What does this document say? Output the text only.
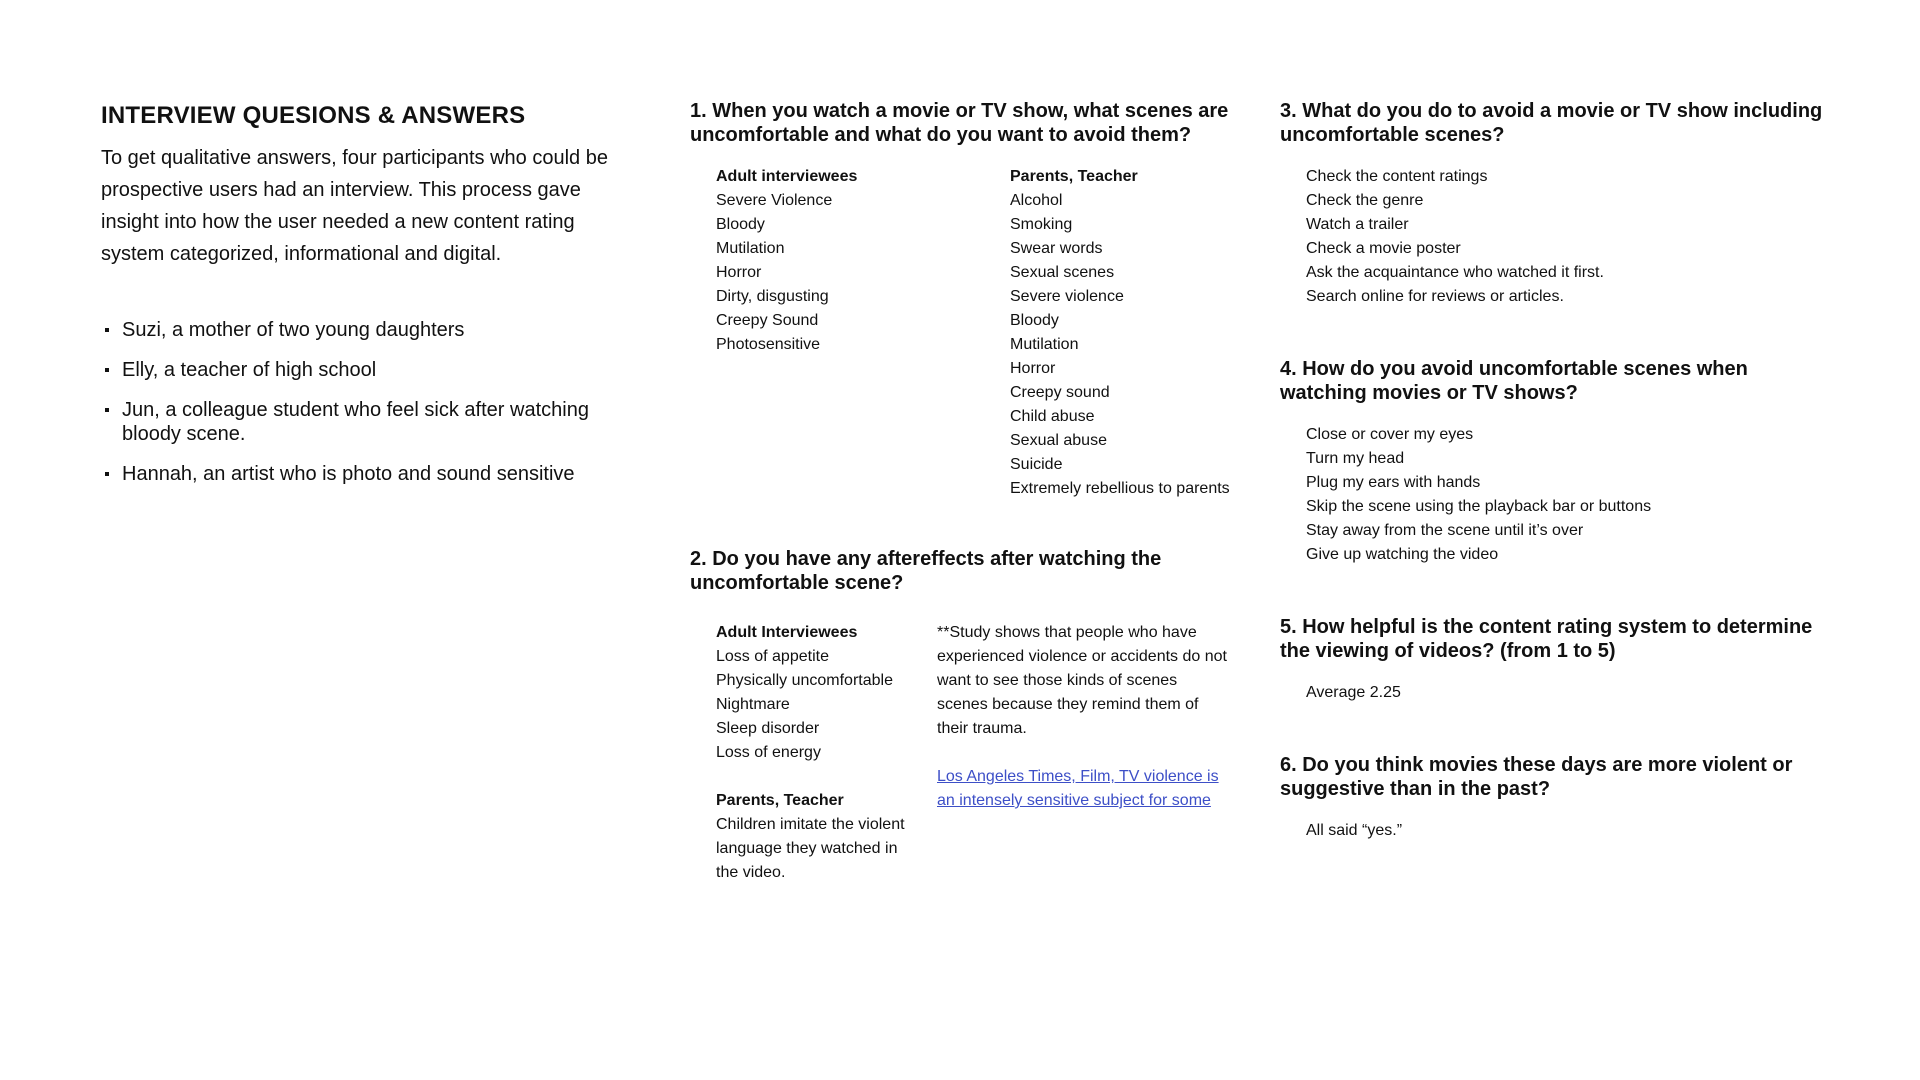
INTERVIEW QUESIONS & ANSWERS

To get qualitative answers, four participants who could be prospective users had an interview. This process gave insight into how the user needed a new content rating system categorized, informational and digital.

Suzi, a mother of two young daughters
Elly, a teacher of high school
Jun, a colleague student who feel sick after watching bloody scene.
Hannah, an artist who is photo and sound sensitive
1. When you watch a movie or TV show, what scenes are uncomfortable and what do you want to avoid them?
Adult interviewees
Severe Violence
Bloody
Mutilation
Horror
Dirty, disgusting
Creepy Sound
Photosensitive
Parents, Teacher
Alcohol
Smoking
Swear words
Sexual scenes
Severe violence
Bloody
Mutilation
Horror
Creepy sound
Child abuse
Sexual abuse
Suicide
Extremely rebellious to parents
2. Do you have any aftereffects after watching the uncomfortable scene?
Adult Interviewees
Loss of appetite
Physically uncomfortable
Nightmare
Sleep disorder
Loss of energy
Parents, Teacher
Children imitate the violent language they watched in the video.
**Study shows that people who have experienced violence or accidents do not want to see those kinds of scenes scenes because they remind them of their trauma.
Los Angeles Times, Film, TV violence is an intensely sensitive subject for some
3. What do you do to avoid a movie or TV show including uncomfortable scenes?
Check the content ratings
Check the genre
Watch a trailer
Check a movie poster
Ask the acquaintance who watched it first.
Search online for reviews or articles.
4. How do you avoid uncomfortable scenes when watching movies or TV shows?
Close or cover my eyes
Turn my head
Plug my ears with hands
Skip the scene using the playback bar or buttons
Stay away from the scene until it’s over
Give up watching the video
5. How helpful is the content rating system to determine the viewing of videos? (from 1 to 5)
Average 2.25
6. Do you think movies these days are more violent or suggestive than in the past?
All said “yes.”
